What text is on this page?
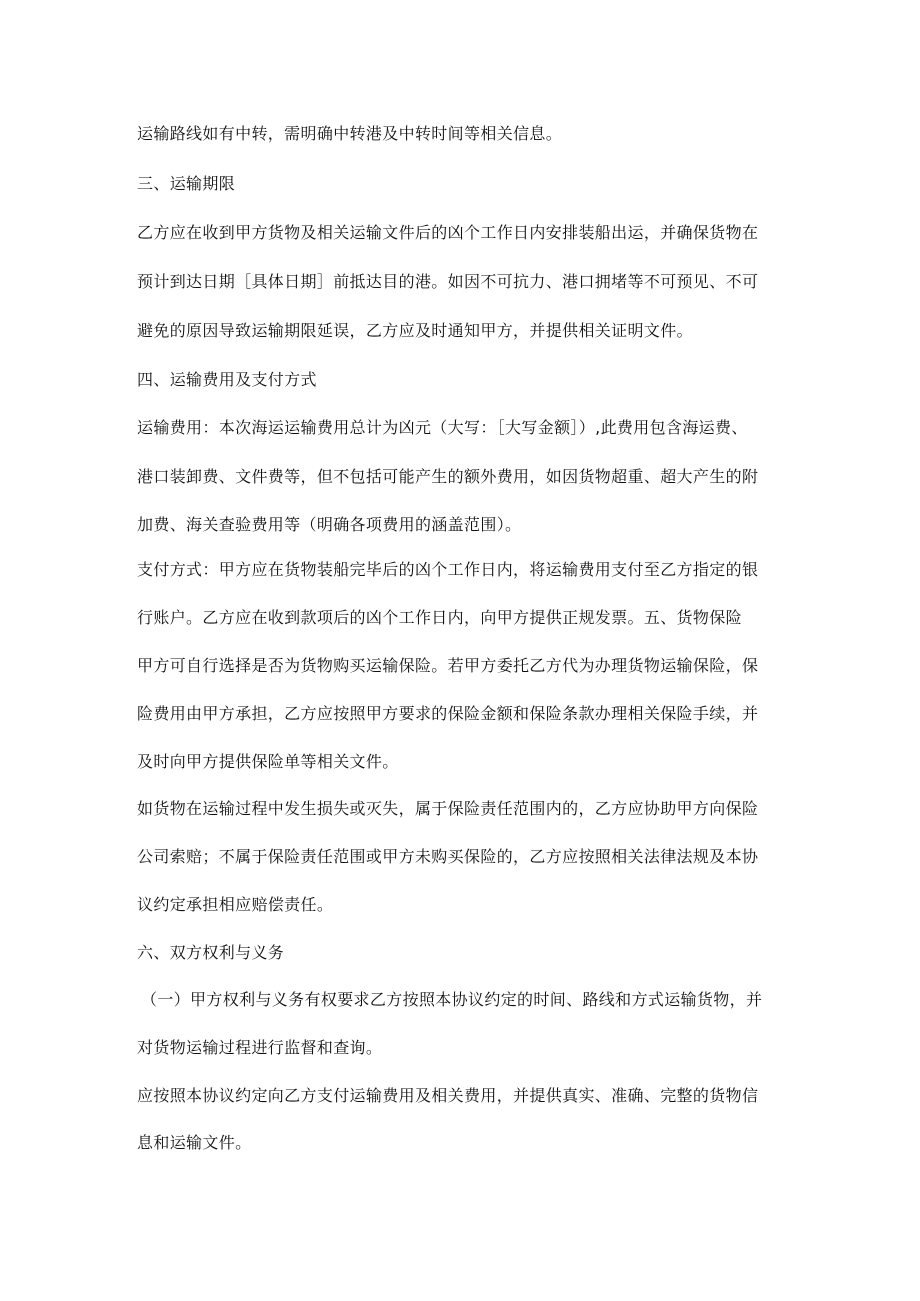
运输路线如有中转，需明确中转港及中转时间等相关信息。
三、运输期限
乙方应在收到甲方货物及相关运输文件后的凶个工作日内安排装船出运，并确保货物在
预计到达日期［具体日期］前抵达目的港。如因不可抗力、港口拥堵等不可预见、不可
避免的原因导致运输期限延误，乙方应及时通知甲方，并提供相关证明文件。
四、运输费用及支付方式
运输费用：本次海运运输费用总计为凶元（大写：［大写金额］）,此费用包含海运费、
港口装卸费、文件费等，但不包括可能产生的额外费用，如因货物超重、超大产生的附
加费、海关查验费用等（明确各项费用的涵盖范围）。
支付方式：甲方应在货物装船完毕后的凶个工作日内，将运输费用支付至乙方指定的银
行账户。乙方应在收到款项后的凶个工作日内，向甲方提供正规发票。五、货物保险
甲方可自行选择是否为货物购买运输保险。若甲方委托乙方代为办理货物运输保险，保
险费用由甲方承担，乙方应按照甲方要求的保险金额和保险条款办理相关保险手续，并
及时向甲方提供保险单等相关文件。
如货物在运输过程中发生损失或灭失，属于保险责任范围内的，乙方应协助甲方向保险
公司索赔；不属于保险责任范围或甲方未购买保险的，乙方应按照相关法律法规及本协
议约定承担相应赔偿责任。
六、双方权利与义务
（一）甲方权利与义务有权要求乙方按照本协议约定的时间、路线和方式运输货物，并
对货物运输过程进行监督和查询。
应按照本协议约定向乙方支付运输费用及相关费用，并提供真实、准确、完整的货物信
息和运输文件。
